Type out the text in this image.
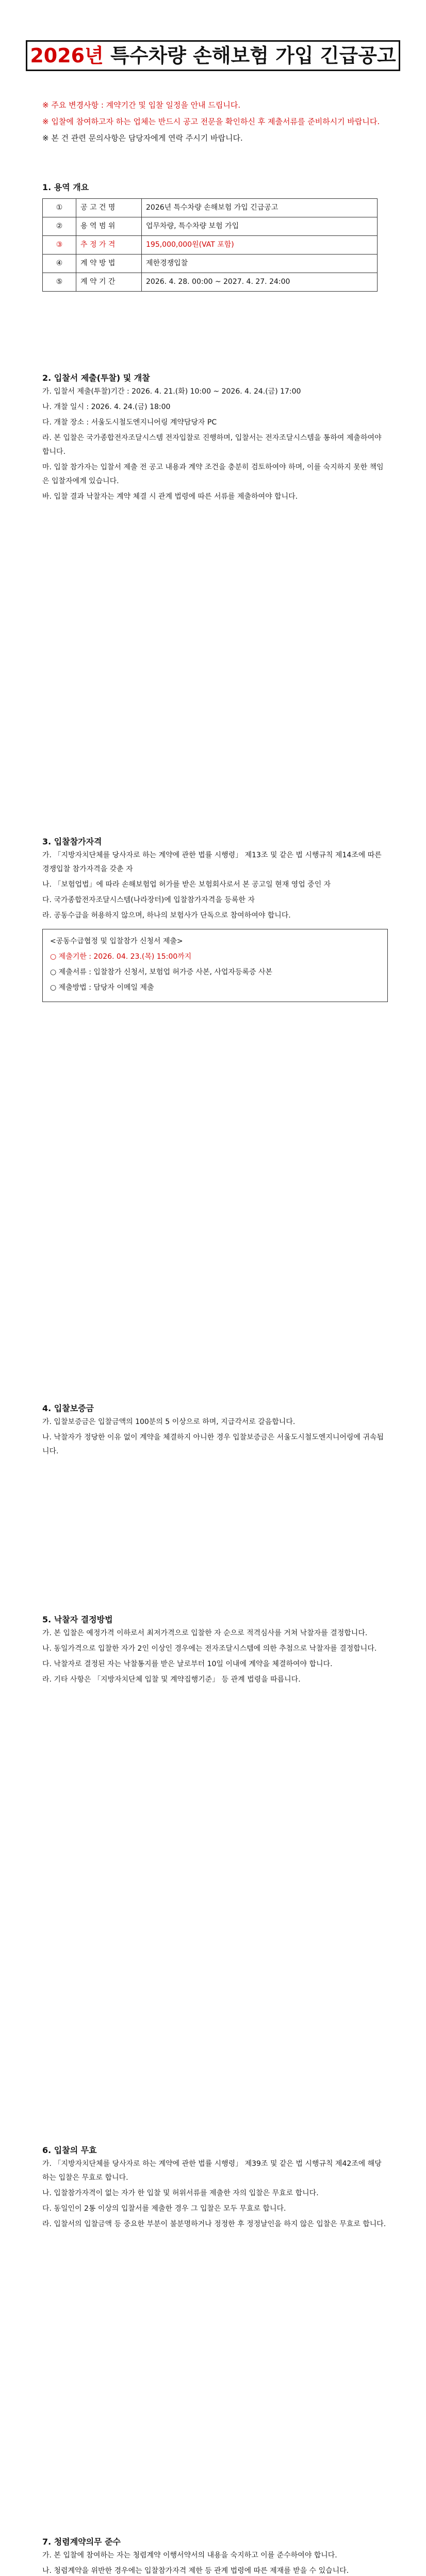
2026년 특수차량 손해보험 가입 긴급공고

※ 주요 변경사항 : 계약기간 및 입찰 일정을 안내 드립니다.

※ 입찰에 참여하고자 하는 업체는 반드시 공고 전문을 확인하신 후 제출서류를 준비하시기 바랍니다.

※ 본 건 관련 문의사항은 담당자에게 연락 주시기 바랍니다.

1. 용역 개요
①	공 고 건 명	2026년 특수차량 손해보험 가입 긴급공고
②	용 역 범 위	업무차량, 특수차량 보험 가입
③	추 정 가 격	195,000,000원(VAT 포함)
④	계 약 방 법	제한경쟁입찰
⑤	계 약 기 간	2026. 4. 28. 00:00 ~ 2027. 4. 27. 24:00
2. 입찰서 제출(투찰) 및 개찰

가. 입찰서 제출(투찰)기간 : 2026. 4. 21.(화) 10:00 ~ 2026. 4. 24.(금) 17:00

나. 개찰 일시 : 2026. 4. 24.(금) 18:00

다. 개찰 장소 : 서울도시철도엔지니어링 계약담당자 PC

라. 본 입찰은 국가종합전자조달시스템 전자입찰로 진행하며, 입찰서는 전자조달시스템을 통하여 제출하여야 합니다.

마. 입찰 참가자는 입찰서 제출 전 공고 내용과 계약 조건을 충분히 검토하여야 하며, 이를 숙지하지 못한 책임은 입찰자에게 있습니다.

바. 입찰 결과 낙찰자는 계약 체결 시 관계 법령에 따른 서류를 제출하여야 합니다.

3. 입찰참가자격

가. 「지방자치단체를 당사자로 하는 계약에 관한 법률 시행령」 제13조 및 같은 법 시행규칙 제14조에 따른 경쟁입찰 참가자격을 갖춘 자

나. 「보험업법」에 따라 손해보험업 허가를 받은 보험회사로서 본 공고일 현재 영업 중인 자

다. 국가종합전자조달시스템(나라장터)에 입찰참가자격을 등록한 자

라. 공동수급을 허용하지 않으며, 하나의 보험사가 단독으로 참여하여야 합니다.

<공동수급협정 및 입찰참가 신청서 제출>

○ 제출기한 : 2026. 04. 23.(목) 15:00까지

○ 제출서류 : 입찰참가 신청서, 보험업 허가증 사본, 사업자등록증 사본

○ 제출방법 : 담당자 이메일 제출

4. 입찰보증금

가. 입찰보증금은 입찰금액의 100분의 5 이상으로 하며, 지급각서로 갈음합니다.

나. 낙찰자가 정당한 이유 없이 계약을 체결하지 아니한 경우 입찰보증금은 서울도시철도엔지니어링에 귀속됩니다.

5. 낙찰자 결정방법

가. 본 입찰은 예정가격 이하로서 최저가격으로 입찰한 자 순으로 적격심사를 거쳐 낙찰자를 결정합니다.

나. 동일가격으로 입찰한 자가 2인 이상인 경우에는 전자조달시스템에 의한 추첨으로 낙찰자를 결정합니다.

다. 낙찰자로 결정된 자는 낙찰통지를 받은 날로부터 10일 이내에 계약을 체결하여야 합니다.

라. 기타 사항은 「지방자치단체 입찰 및 계약집행기준」 등 관계 법령을 따릅니다.

6. 입찰의 무효

가. 「지방자치단체를 당사자로 하는 계약에 관한 법률 시행령」 제39조 및 같은 법 시행규칙 제42조에 해당하는 입찰은 무효로 합니다.

나. 입찰참가자격이 없는 자가 한 입찰 및 허위서류를 제출한 자의 입찰은 무효로 합니다.

다. 동일인이 2통 이상의 입찰서를 제출한 경우 그 입찰은 모두 무효로 합니다.

라. 입찰서의 입찰금액 등 중요한 부분이 불분명하거나 정정한 후 정정날인을 하지 않은 입찰은 무효로 합니다.

7. 청렴계약의무 준수

가. 본 입찰에 참여하는 자는 청렴계약 이행서약서의 내용을 숙지하고 이를 준수하여야 합니다.

나. 청렴계약을 위반한 경우에는 입찰참가자격 제한 등 관계 법령에 따른 제재를 받을 수 있습니다.
